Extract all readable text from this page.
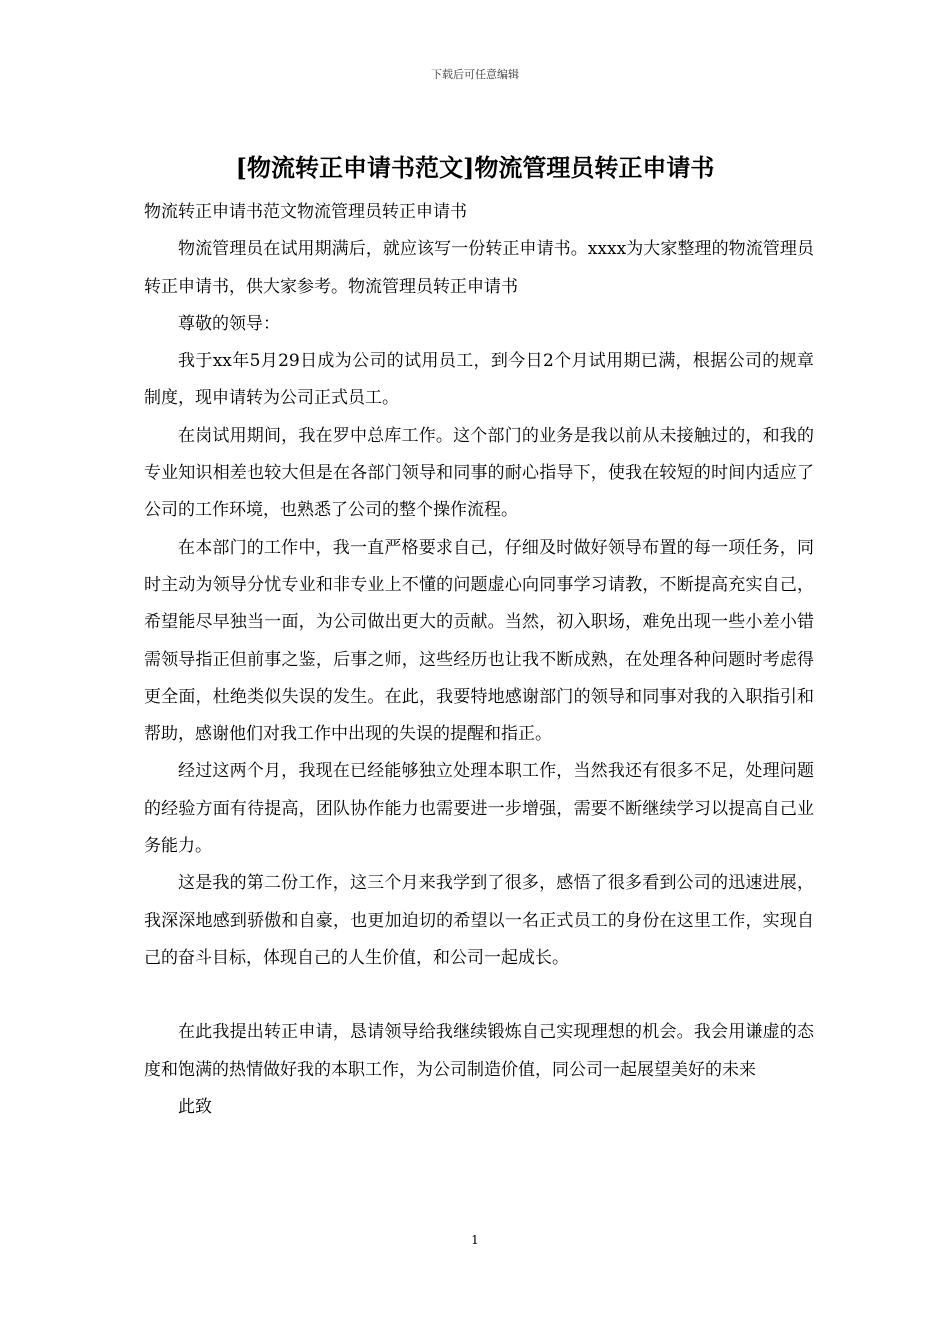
下载后可任意编辑
[物流转正申请书范文]物流管理员转正申请书

物流转正申请书范文物流管理员转正申请书

物流管理员在试用期满后，就应该写一份转正申请书。xxxx为大家整理的物流管理员转正申请书，供大家参考。物流管理员转正申请书

尊敬的领导：

我于xx年5月29日成为公司的试用员工，到今日2个月试用期已满，根据公司的规章制度，现申请转为公司正式员工。

在岗试用期间，我在罗中总库工作。这个部门的业务是我以前从未接触过的，和我的专业知识相差也较大但是在各部门领导和同事的耐心指导下，使我在较短的时间内适应了公司的工作环境，也熟悉了公司的整个操作流程。

在本部门的工作中，我一直严格要求自己，仔细及时做好领导布置的每一项任务，同时主动为领导分忧专业和非专业上不懂的问题虚心向同事学习请教，不断提高充实自己，希望能尽早独当一面，为公司做出更大的贡献。当然，初入职场，难免出现一些小差小错需领导指正但前事之鉴，后事之师，这些经历也让我不断成熟，在处理各种问题时考虑得更全面，杜绝类似失误的发生。在此，我要特地感谢部门的领导和同事对我的入职指引和帮助，感谢他们对我工作中出现的失误的提醒和指正。

经过这两个月，我现在已经能够独立处理本职工作，当然我还有很多不足，处理问题的经验方面有待提高，团队协作能力也需要进一步增强，需要不断继续学习以提高自己业务能力。

这是我的第二份工作，这三个月来我学到了很多，感悟了很多看到公司的迅速进展，我深深地感到骄傲和自豪，也更加迫切的希望以一名正式员工的身份在这里工作，实现自己的奋斗目标，体现自己的人生价值，和公司一起成长。

在此我提出转正申请，恳请领导给我继续锻炼自己实现理想的机会。我会用谦虚的态度和饱满的热情做好我的本职工作，为公司制造价值，同公司一起展望美好的未来

此致

1
